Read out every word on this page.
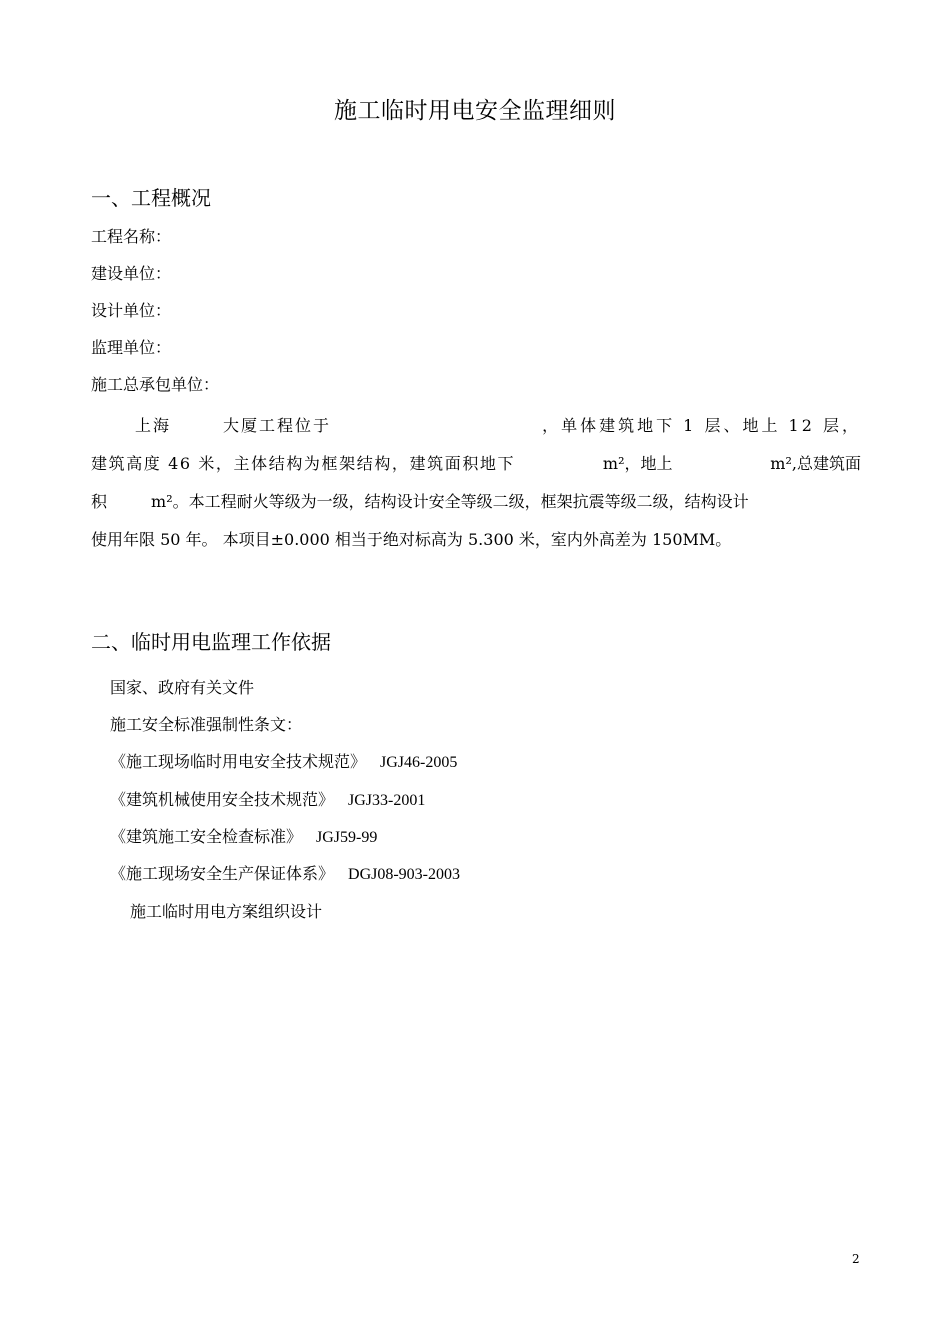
施工临时用电安全监理细则
一、工程概况
工程名称：
建设单位：
设计单位：
监理单位：
施工总承包单位：
上海	大厦工程位于	，单体建筑地下 1 层、地上 12 层，
建筑高度 46 米，主体结构为框架结构，建筑面积地下	m²，地上	m²,总建筑面
积	m²。本工程耐火等级为一级，结构设计安全等级二级，框架抗震等级二级，结构设计
使用年限 50 年。 本项目±0.000 相当于绝对标高为 5.300 米，室内外高差为 150MM。
二、临时用电监理工作依据
国家、政府有关文件
施工安全标准强制性条文：
《施工现场临时用电安全技术规范》 JGJ46-2005
《建筑机械使用安全技术规范》 JGJ33-2001
《建筑施工安全检查标准》 JGJ59-99
《施工现场安全生产保证体系》 DGJ08-903-2003
施工临时用电方案组织设计
2
